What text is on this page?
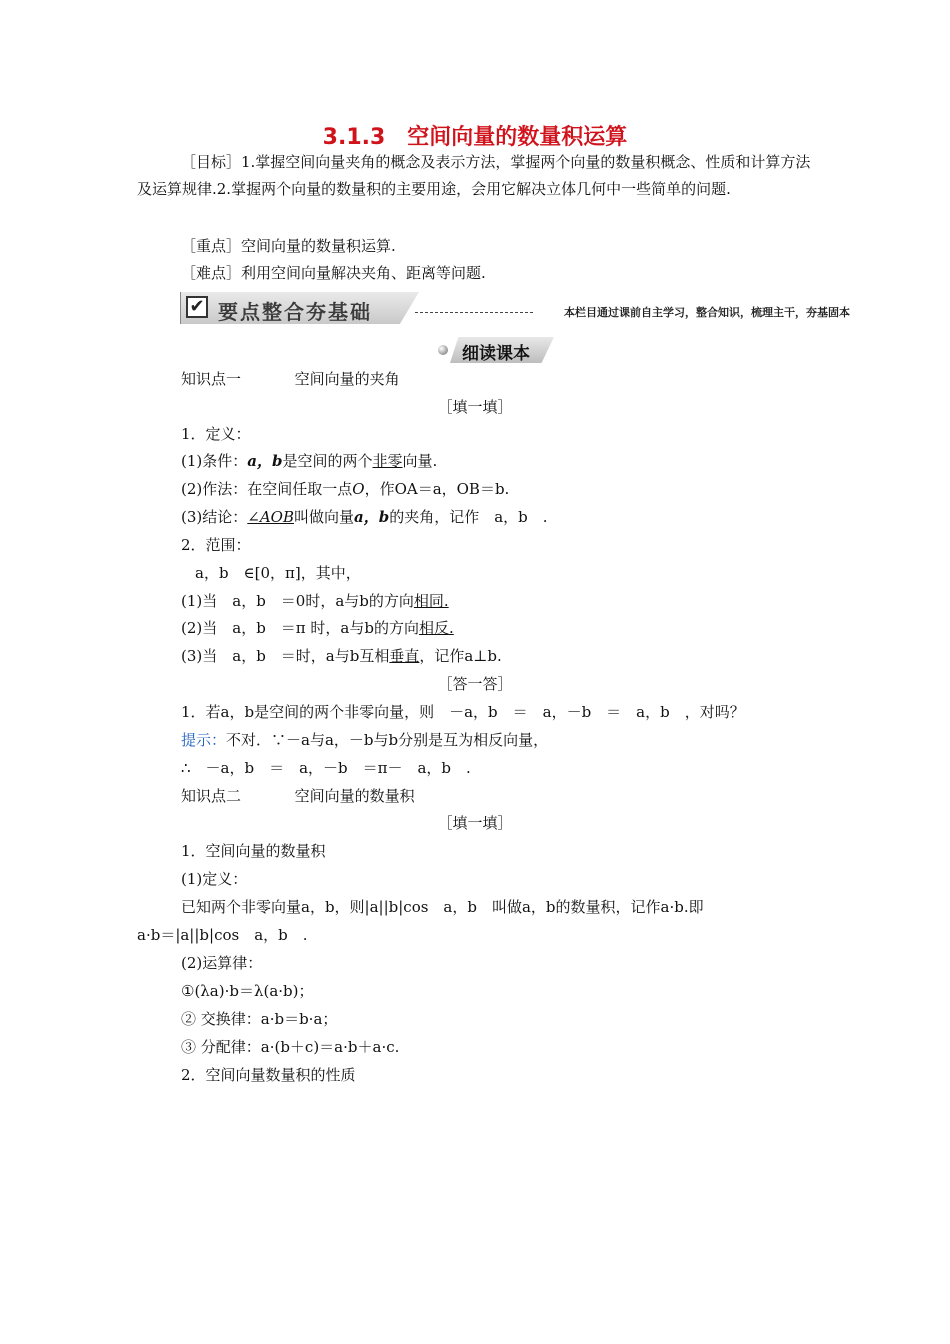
3.1.3　空间向量的数量积运算
［目标］1.掌握空间向量夹角的概念及表示方法，掌握两个向量的数量积概念、性质和计算方法及运算规律.2.掌握两个向量的数量积的主要用途，会用它解决立体几何中一些简单的问题.
［重点］空间向量的数量积运算.
［难点］利用空间向量解决夹角、距离等问题.
✔ 要点整合夯基础	本栏目通过课前自主学习，整合知识，梳理主干，夯基固本
细读课本
知识点一	空间向量的夹角
［填一填］
1．定义：
(1)条件：a，b是空间的两个非零向量.
(2)作法：在空间任取一点O，作OA＝a，OB＝b.
(3)结论：∠AOB叫做向量a，b的夹角，记作　a，b　.
2．范围：
a，b　∈[0，π]，其中，
(1)当　a，b　＝0时，a与b的方向相同.
(2)当　a，b　＝π 时，a与b的方向相反.
(3)当　a，b　＝时，a与b互相垂直，记作a⊥b.
［答一答］
1．若a，b是空间的两个非零向量，则　－a，b　＝　a，－b　＝　a，b　，对吗？
提示：不对．∵－a与a，－b与b分别是互为相反向量，
∴　－a，b　＝　a，－b　＝π－　a，b　.
知识点二	空间向量的数量积
［填一填］
1．空间向量的数量积
(1)定义：
已知两个非零向量a，b，则|a||b|cos　a，b　叫做a，b的数量积，记作a·b.即
a·b＝|a||b|cos　a，b　.
(2)运算律：
①(λa)·b＝λ(a·b)；
② 交换律：a·b＝b·a；
③ 分配律：a·(b＋c)＝a·b＋a·c.
2．空间向量数量积的性质
